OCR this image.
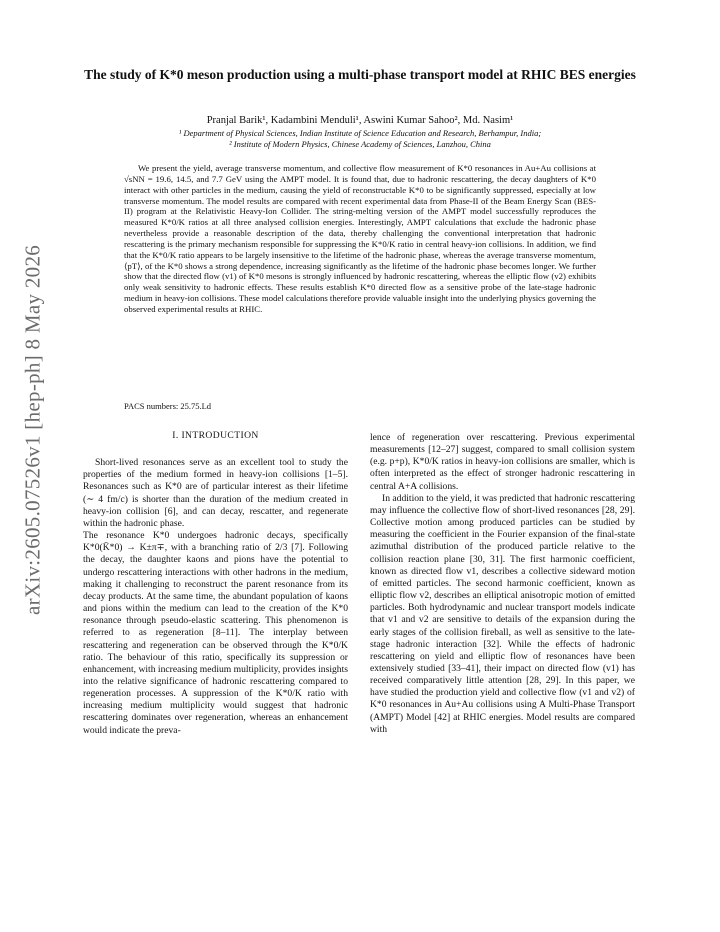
arXiv:2605.07526v1 [hep-ph] 8 May 2026
The study of K*0 meson production using a multi-phase transport model at RHIC BES energies
Pranjal Barik¹, Kadambini Menduli¹, Aswini Kumar Sahoo², Md. Nasim¹
¹ Department of Physical Sciences, Indian Institute of Science Education and Research, Berhampur, India;
² Institute of Modern Physics, Chinese Academy of Sciences, Lanzhou, China

We present the yield, average transverse momentum, and collective flow measurement of K*0 resonances in Au+Au collisions at √sNN = 19.6, 14.5, and 7.7 GeV using the AMPT model. It is found that, due to hadronic rescattering, the decay daughters of K*0 interact with other particles in the medium, causing the yield of reconstructable K*0 to be significantly suppressed, especially at low transverse momentum. The model results are compared with recent experimental data from Phase-II of the Beam Energy Scan (BES-II) program at the Relativistic Heavy-Ion Collider. The string-melting version of the AMPT model successfully reproduces the measured K*0/K ratios at all three analysed collision energies. Interestingly, AMPT calculations that exclude the hadronic phase nevertheless provide a reasonable description of the data, thereby challenging the conventional interpretation that hadronic rescattering is the primary mechanism responsible for suppressing the K*0/K ratio in central heavy-ion collisions. In addition, we find that the K*0/K ratio appears to be largely insensitive to the lifetime of the hadronic phase, whereas the average transverse momentum, ⟨pT⟩, of the K*0 shows a strong dependence, increasing significantly as the lifetime of the hadronic phase becomes longer. We further show that the directed flow (v1) of K*0 mesons is strongly influenced by hadronic rescattering, whereas the elliptic flow (v2) exhibits only weak sensitivity to hadronic effects. These results establish K*0 directed flow as a sensitive probe of the late-stage hadronic medium in heavy-ion collisions. These model calculations therefore provide valuable insight into the underlying physics governing the observed experimental results at RHIC.

PACS numbers: 25.75.Ld
I. INTRODUCTION

Short-lived resonances serve as an excellent tool to study the properties of the medium formed in heavy-ion collisions [1–5]. Resonances such as K*0 are of particular interest as their lifetime (∼ 4 fm/c) is shorter than the duration of the medium created in heavy-ion collision [6], and can decay, rescatter, and regenerate within the hadronic phase.

The resonance K*0 undergoes hadronic decays, specifically K*0(K̄*0) → K±π∓, with a branching ratio of 2/3 [7]. Following the decay, the daughter kaons and pions have the potential to undergo rescattering interactions with other hadrons in the medium, making it challenging to reconstruct the parent resonance from its decay products. At the same time, the abundant population of kaons and pions within the medium can lead to the creation of the K*0 resonance through pseudo-elastic scattering. This phenomenon is referred to as regeneration [8–11]. The interplay between rescattering and regeneration can be observed through the K*0/K ratio. The behaviour of this ratio, specifically its suppression or enhancement, with increasing medium multiplicity, provides insights into the relative significance of hadronic rescattering compared to regeneration processes. A suppression of the K*0/K ratio with increasing medium multiplicity would suggest that hadronic rescattering dominates over regeneration, whereas an enhancement would indicate the preva-

lence of regeneration over rescattering. Previous experimental measurements [12–27] suggest, compared to small collision system (e.g. p+p), K*0/K ratios in heavy-ion collisions are smaller, which is often interpreted as the effect of stronger hadronic rescattering in central A+A collisions.

In addition to the yield, it was predicted that hadronic rescattering may influence the collective flow of short-lived resonances [28, 29]. Collective motion among produced particles can be studied by measuring the coefficient in the Fourier expansion of the final-state azimuthal distribution of the produced particle relative to the collision reaction plane [30, 31]. The first harmonic coefficient, known as directed flow v1, describes a collective sideward motion of emitted particles. The second harmonic coefficient, known as elliptic flow v2, describes an elliptical anisotropic motion of emitted particles. Both hydrodynamic and nuclear transport models indicate that v1 and v2 are sensitive to details of the expansion during the early stages of the collision fireball, as well as sensitive to the late-stage hadronic interaction [32]. While the effects of hadronic rescattering on yield and elliptic flow of resonances have been extensively studied [33–41], their impact on directed flow (v1) has received comparatively little attention [28, 29]. In this paper, we have studied the production yield and collective flow (v1 and v2) of K*0 resonances in Au+Au collisions using A Multi-Phase Transport (AMPT) Model [42] at RHIC energies. Model results are compared with
